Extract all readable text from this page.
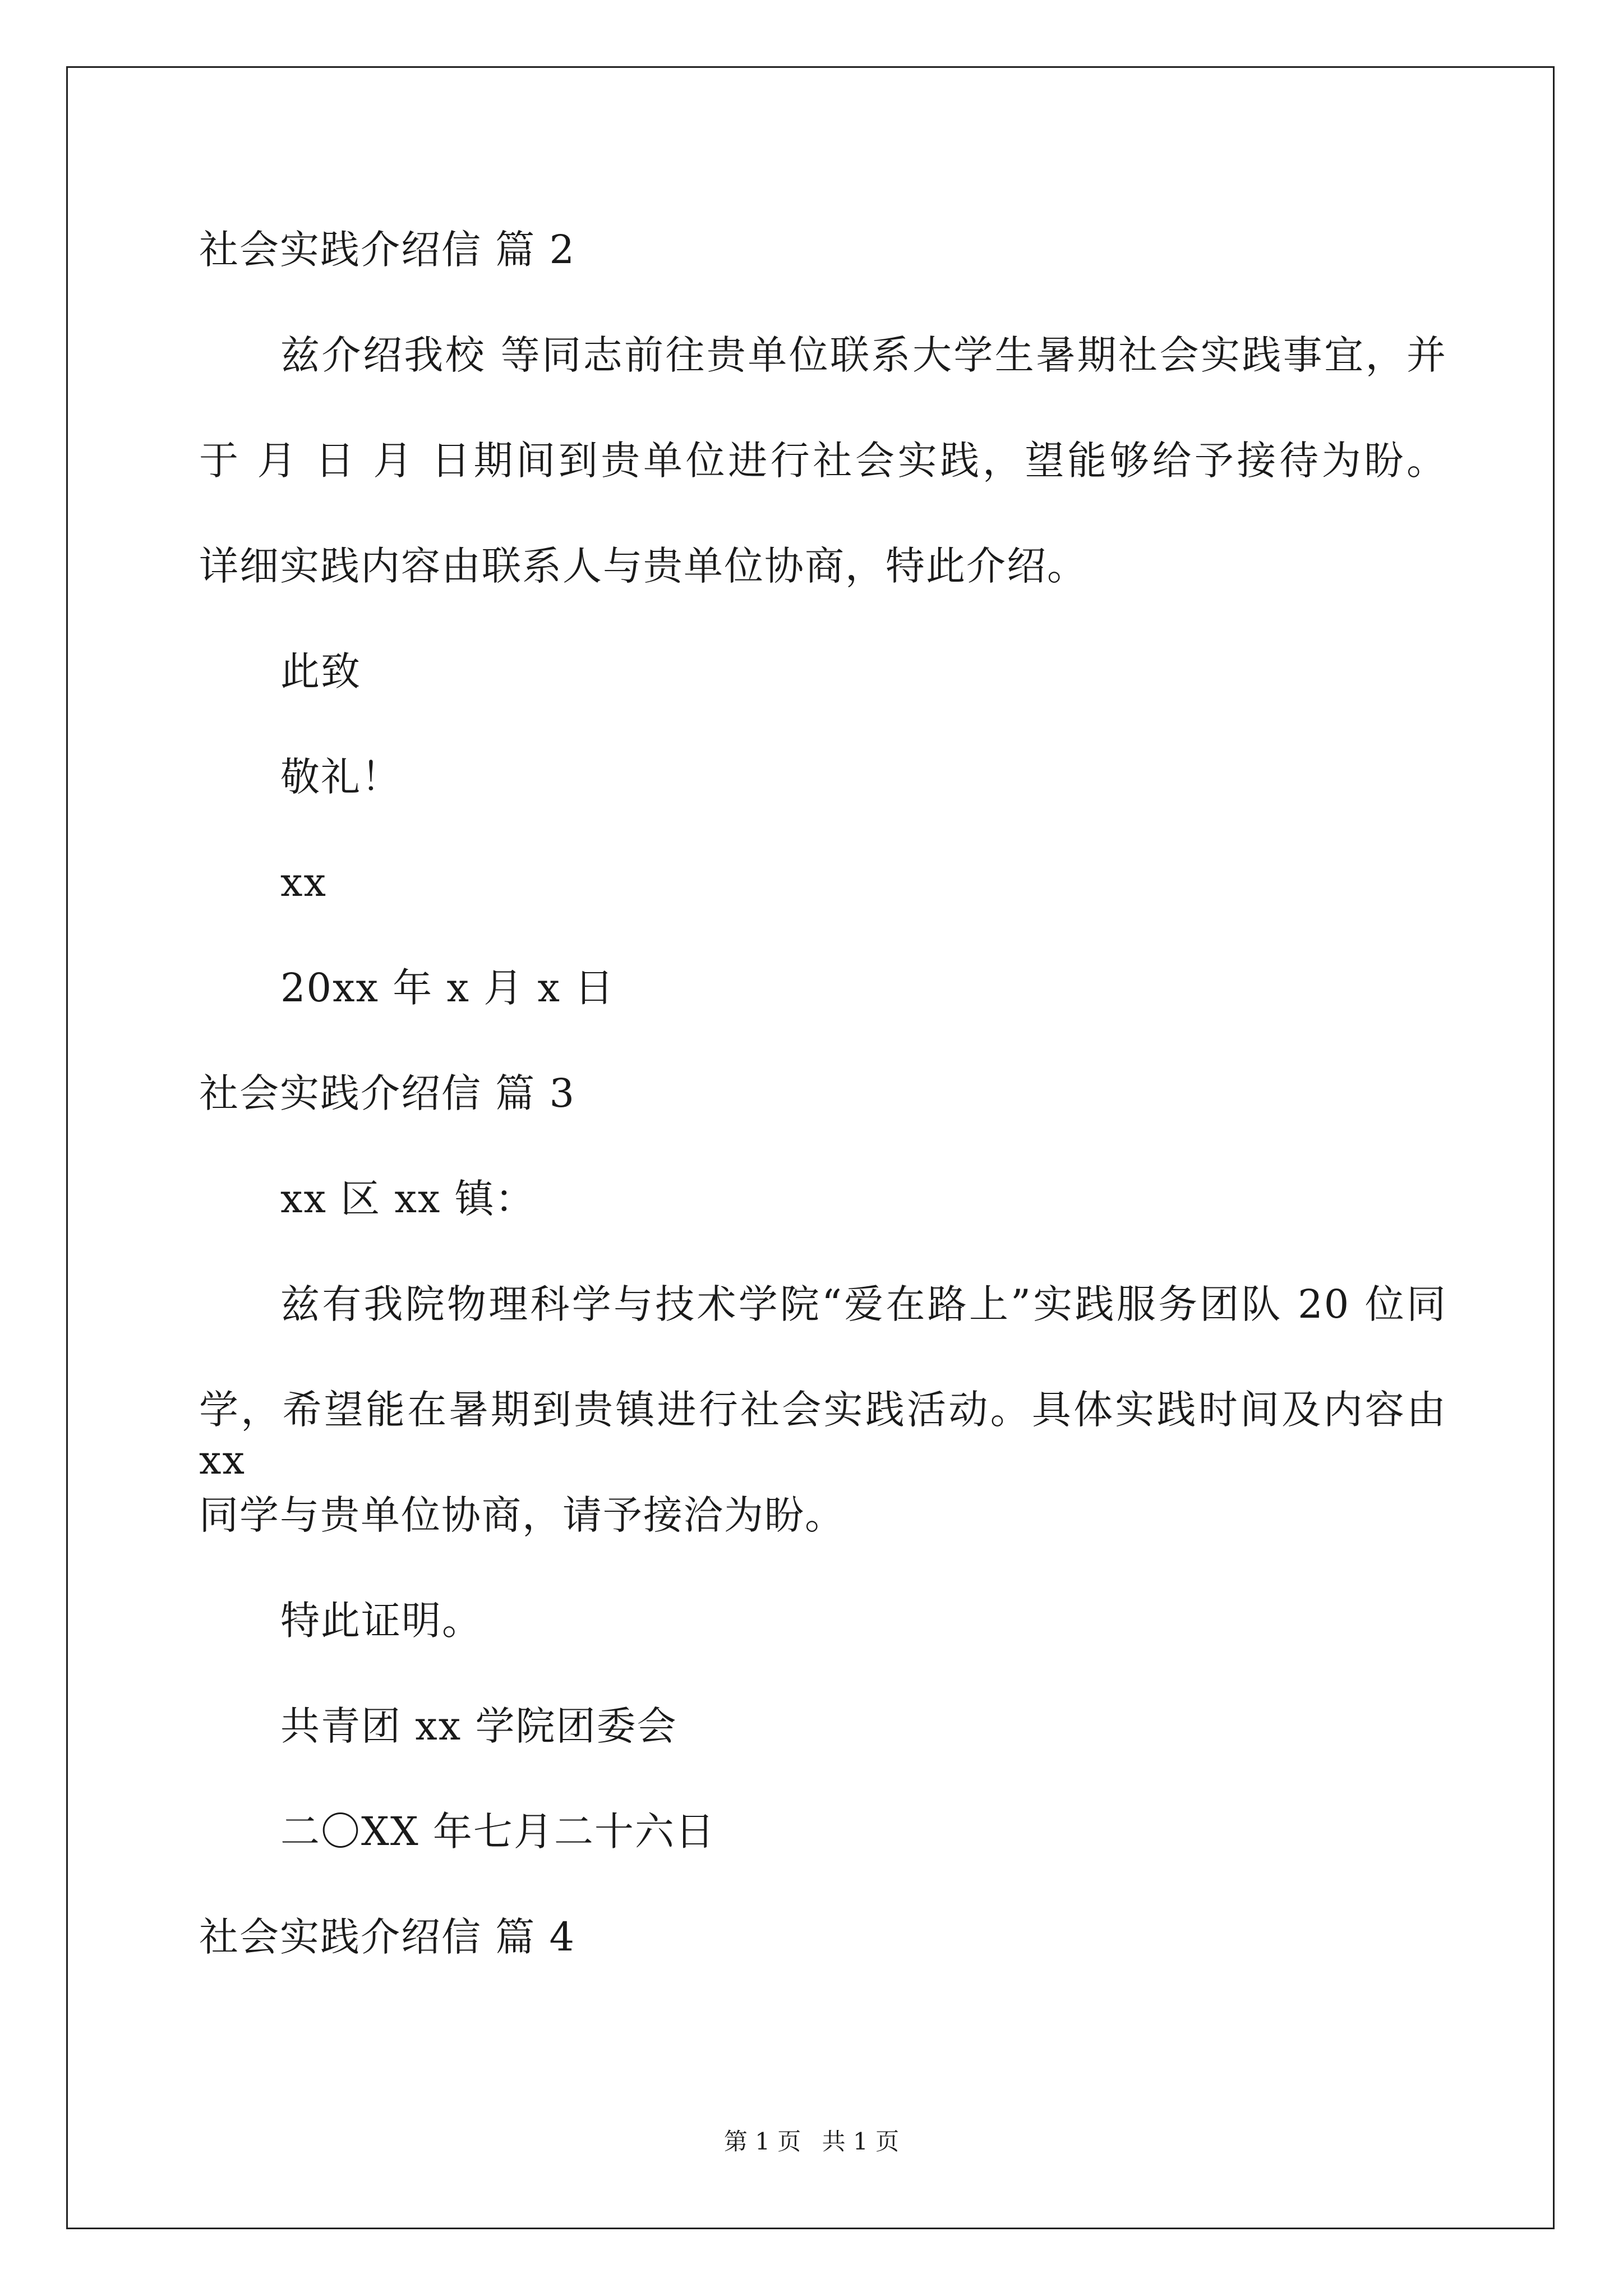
社会实践介绍信 篇 2
兹介绍我校 等同志前往贵单位联系大学生暑期社会实践事宜，并
于 月 日 月 日期间到贵单位进行社会实践，望能够给予接待为盼。
详细实践内容由联系人与贵单位协商，特此介绍。
此致
敬礼！
xx
20xx 年 x 月 x 日
社会实践介绍信 篇 3
xx 区 xx 镇：
兹有我院物理科学与技术学院“爱在路上”实践服务团队 20 位同
学，希望能在暑期到贵镇进行社会实践活动。具体实践时间及内容由 xx
同学与贵单位协商，请予接洽为盼。
特此证明。
共青团 xx 学院团委会
二〇XX 年七月二十六日
社会实践介绍信 篇 4
第 1 页 共 1 页
